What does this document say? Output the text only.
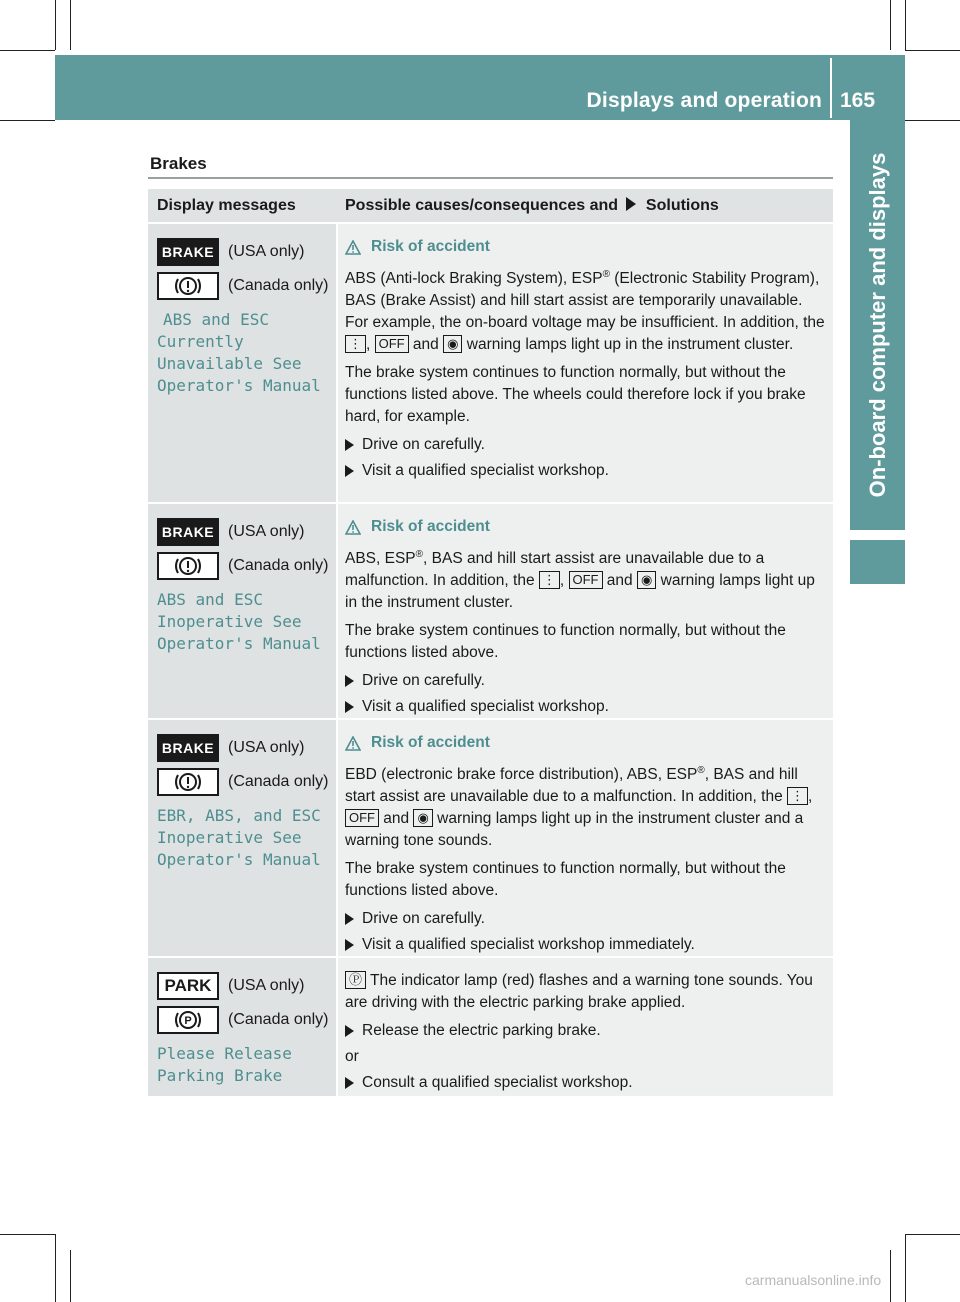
Displays and operation 165
On-board computer and displays
Brakes
Display messages	Possible causes/consequences and Solutions
BRAKE (USA only)
(Canada only)
ABS and ESC
Currently
Unavailable See
Operator's Manual
Risk of accident
ABS (Anti-lock Braking System), ESP® (Electronic Stability Program), BAS (Brake Assist) and hill start assist are temporarily unavailable. For example, the on-board voltage may be insufficient. In addition, the ⋮ , OFF and ◉ warning lamps light up in the instrument cluster.
The brake system continues to function normally, but without the functions listed above. The wheels could therefore lock if you brake hard, for example.
Drive on carefully.
Visit a qualified specialist workshop.
BRAKE (USA only)
(Canada only)
ABS and ESC
Inoperative See
Operator's Manual
Risk of accident
ABS, ESP®, BAS and hill start assist are unavailable due to a malfunction. In addition, the ⋮ , OFF and ◉ warning lamps light up in the instrument cluster.
The brake system continues to function normally, but without the functions listed above.
Drive on carefully.
Visit a qualified specialist workshop.
BRAKE (USA only)
(Canada only)
EBR, ABS, and ESC
Inoperative See
Operator's Manual
Risk of accident
EBD (electronic brake force distribution), ABS, ESP®, BAS and hill start assist are unavailable due to a malfunction. In addition, the ⋮ , OFF and ◉ warning lamps light up in the instrument cluster and a warning tone sounds.
The brake system continues to function normally, but without the functions listed above.
Drive on carefully.
Visit a qualified specialist workshop immediately.
PARK	(USA only)
P (Canada only)
Please Release
Parking Brake
Ⓟ The indicator lamp (red) flashes and a warning tone sounds. You are driving with the electric parking brake applied.
Release the electric parking brake.
or
Consult a qualified specialist workshop.
carmanualsonline.info
